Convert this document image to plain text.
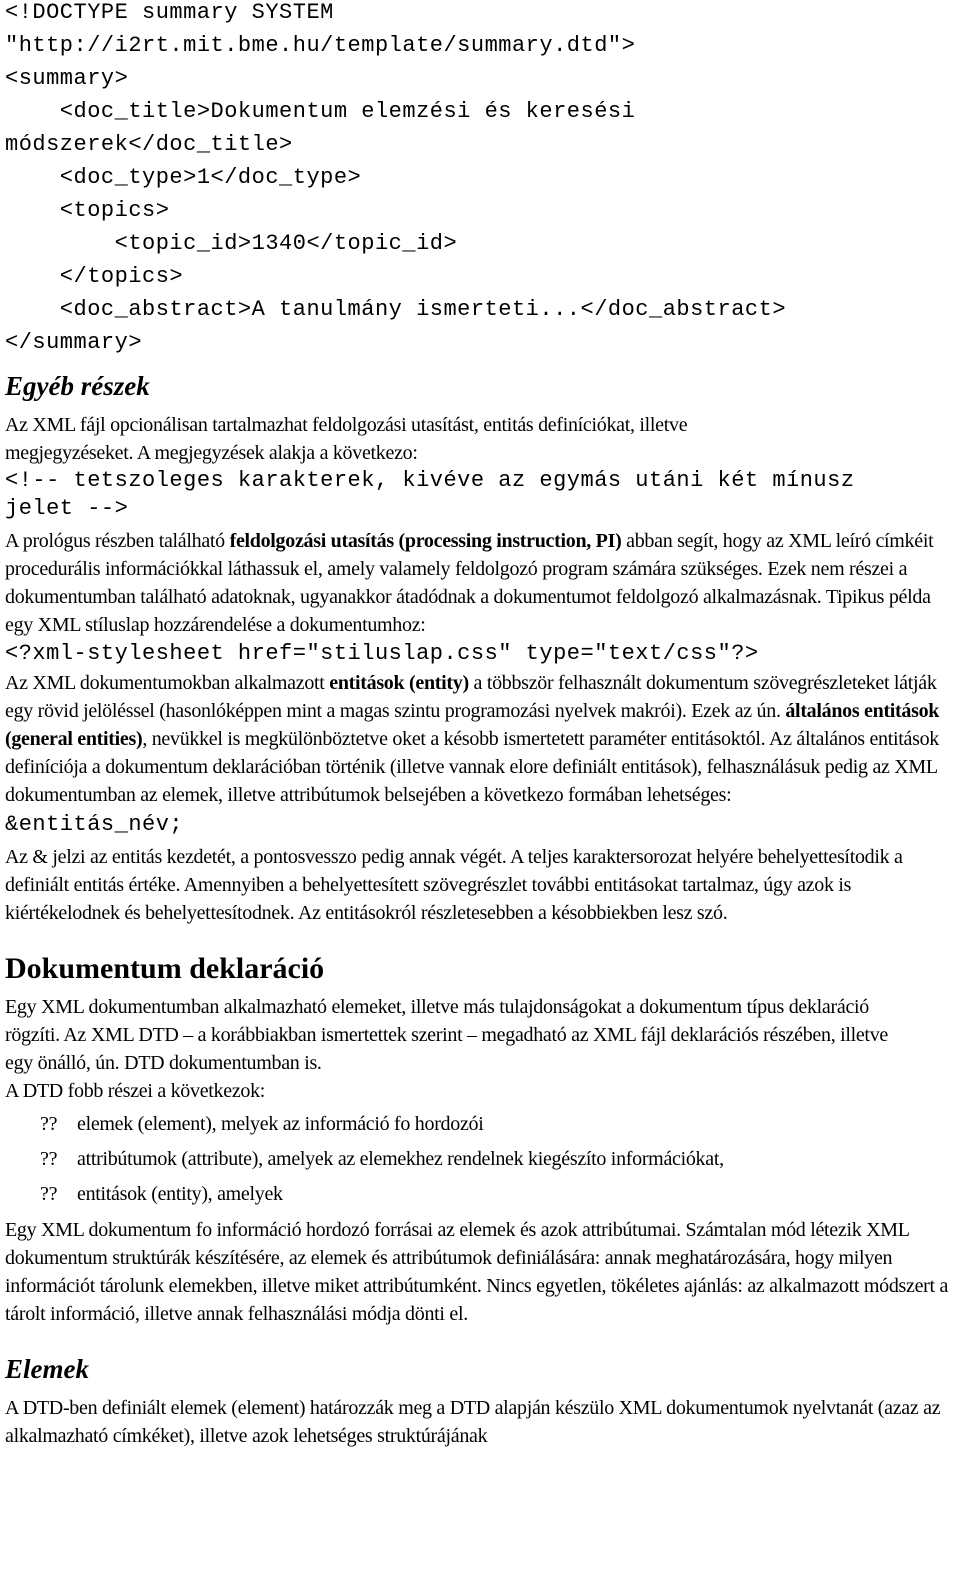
<!DOCTYPE summary SYSTEM

"http://i2rt.mit.bme.hu/template/summary.dtd">

<summary>

<doc_title>Dokumentum elemzési és keresési

módszerek</doc_title>

<doc_type>1</doc_type>

<topics>

<topic_id>1340</topic_id>

</topics>

<doc_abstract>A tanulmány ismerteti...</doc_abstract>

</summary>

Egyéb részek

Az XML fájl opcionálisan tartalmazhat feldolgozási utasítást, entitás definíciókat, illetve megjegyzéseket. A megjegyzések alakja a következo:

<!-- tetszoleges karakterek, kivéve az egymás utáni két mínusz

jelet -->

A prológus részben található feldolgozási utasítás (processing instruction, PI) abban segít, hogy az XML leíró címkéit procedurális információkkal láthassuk el, amely valamely feldolgozó program számára szükséges. Ezek nem részei a dokumentumban található adatoknak, ugyanakkor átadódnak a dokumentumot feldolgozó alkalmazásnak. Tipikus példa egy XML stíluslap hozzárendelése a dokumentumhoz:

<?xml-stylesheet href="stiluslap.css" type="text/css"?>

Az XML dokumentumokban alkalmazott entitások (entity) a többször felhasznált dokumentum szövegrészleteket látják egy rövid jelöléssel (hasonlóképpen mint a magas szintu programozási nyelvek makrói). Ezek az ún. általános entitások (general entities), nevükkel is megkülönböztetve oket a késobb ismertetett paraméter entitásoktól. Az általános entitások definíciója a dokumentum deklarációban történik (illetve vannak elore definiált entitások), felhasználásuk pedig az XML dokumentumban az elemek, illetve attribútumok belsejében a következo formában lehetséges:

&entitás_név;

Az & jelzi az entitás kezdetét, a pontosvesszo pedig annak végét. A teljes karaktersorozat helyére behelyettesítodik a definiált entitás értéke. Amennyiben a behelyettesített szövegrészlet további entitásokat tartalmaz, úgy azok is kiértékelodnek és behelyettesítodnek. Az entitásokról részletesebben a késobbiekben lesz szó.

Dokumentum deklaráció

Egy XML dokumentumban alkalmazható elemeket, illetve más tulajdonságokat a dokumentum típus deklaráció rögzíti. Az XML DTD – a korábbiakban ismertettek szerint – megadható az XML fájl deklarációs részében, illetve egy önálló, ún. DTD dokumentumban is.

A DTD fobb részei a következok:

?? elemek (element), melyek az információ fo hordozói

?? attribútumok (attribute), amelyek az elemekhez rendelnek kiegészíto információkat,

?? entitások (entity), amelyek

Egy XML dokumentum fo információ hordozó forrásai az elemek és azok attribútumai. Számtalan mód létezik XML dokumentum struktúrák készítésére, az elemek és attribútumok definiálására: annak meghatározására, hogy milyen információt tárolunk elemekben, illetve miket attribútumként. Nincs egyetlen, tökéletes ajánlás: az alkalmazott módszert a tárolt információ, illetve annak felhasználási módja dönti el.

Elemek

A DTD-ben definiált elemek (element) határozzák meg a DTD alapján készülo XML dokumentumok nyelvtanát (azaz az alkalmazható címkéket), illetve azok lehetséges struktúrájának
